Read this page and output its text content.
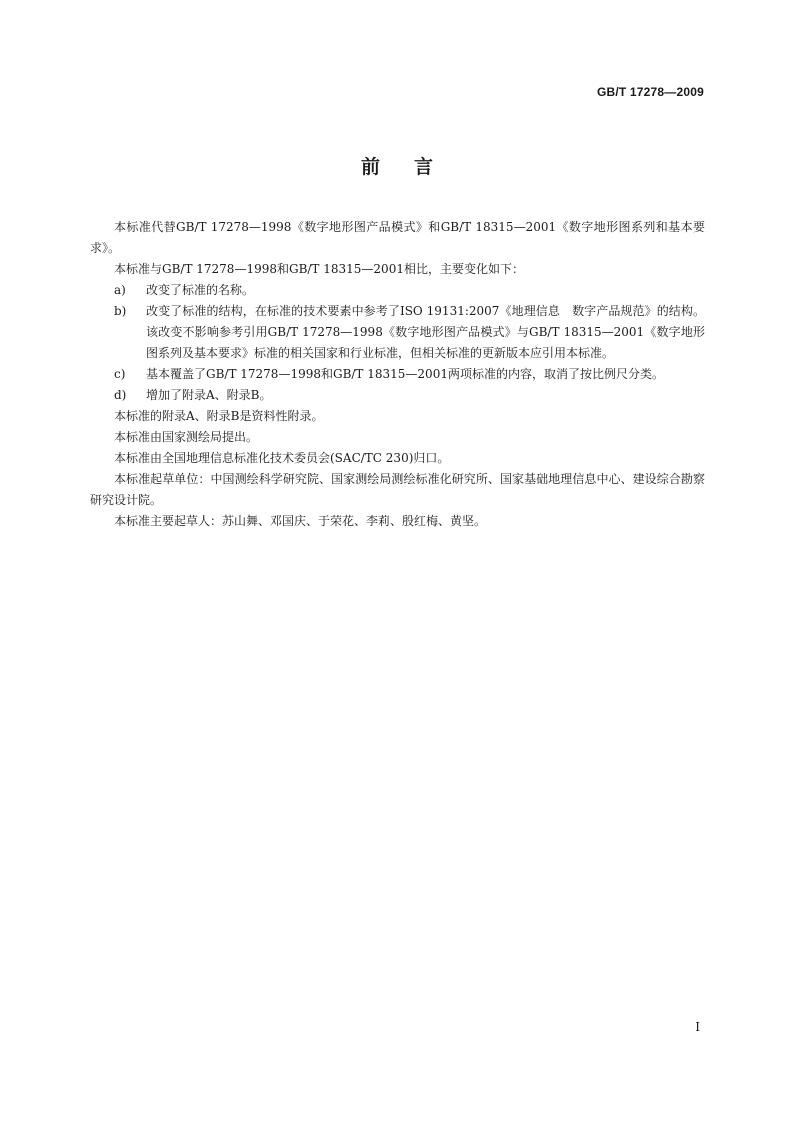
GB/T 17278—2009
前 言

本标准代替GB/T 17278—1998《数字地形图产品模式》和GB/T 18315—2001《数字地形图系列和基本要求》。

本标准与GB/T 17278—1998和GB/T 18315—2001相比，主要变化如下：

a)	改变了标准的名称。
b)	改变了标准的结构，在标准的技术要素中参考了ISO 19131:2007《地理信息　数字产品规范》的结构。该改变不影响参考引用GB/T 17278—1998《数字地形图产品模式》与GB/T 18315—2001《数字地形图系列及基本要求》标准的相关国家和行业标准，但相关标准的更新版本应引用本标准。
c)	基本覆盖了GB/T 17278—1998和GB/T 18315—2001两项标准的内容，取消了按比例尺分类。
d)	增加了附录A、附录B。

本标准的附录A、附录B是资料性附录。

本标准由国家测绘局提出。

本标准由全国地理信息标准化技术委员会(SAC/TC 230)归口。

本标准起草单位：中国测绘科学研究院、国家测绘局测绘标准化研究所、国家基础地理信息中心、建设综合勘察研究设计院。

本标准主要起草人：苏山舞、邓国庆、于荣花、李莉、殷红梅、黄坚。

I
